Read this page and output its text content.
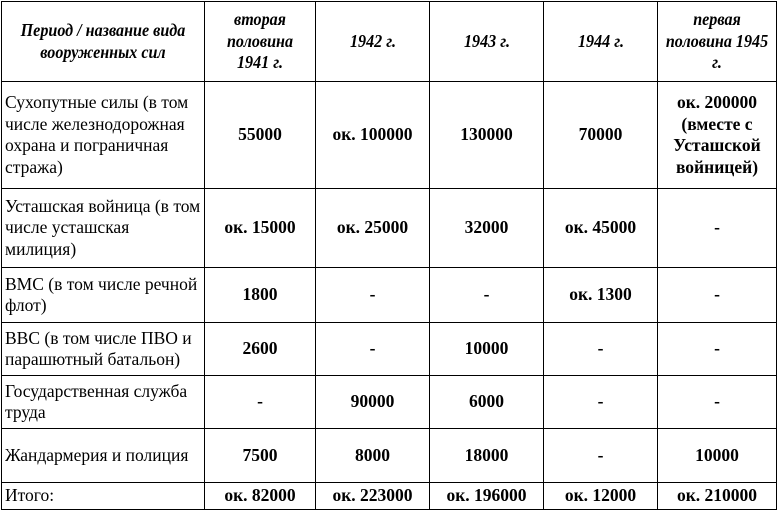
Период / название вида вооруженных сил	вторая половина 1941 г.	1942 г.	1943 г.	1944 г.	первая половина 1945 г.
Сухопутные силы (в том числе железнодорожная охрана и пограничная стража)	55000	ок. 100000	130000	70000	ок. 200000 (вместе с Усташской войницей)
Усташская войница (в том числе усташская милиция)	ок. 15000	ок. 25000	32000	ок. 45000	-
ВМС (в том числе речной флот)	1800	-	-	ок. 1300	-
ВВС (в том числе ПВО и парашютный батальон)	2600	-	10000	-	-
Государственная служба труда	-	90000	6000	-	-
Жандармерия и полиция	7500	8000	18000	-	10000
Итого:	ок. 82000	ок. 223000	ок. 196000	ок. 12000	ок. 210000
